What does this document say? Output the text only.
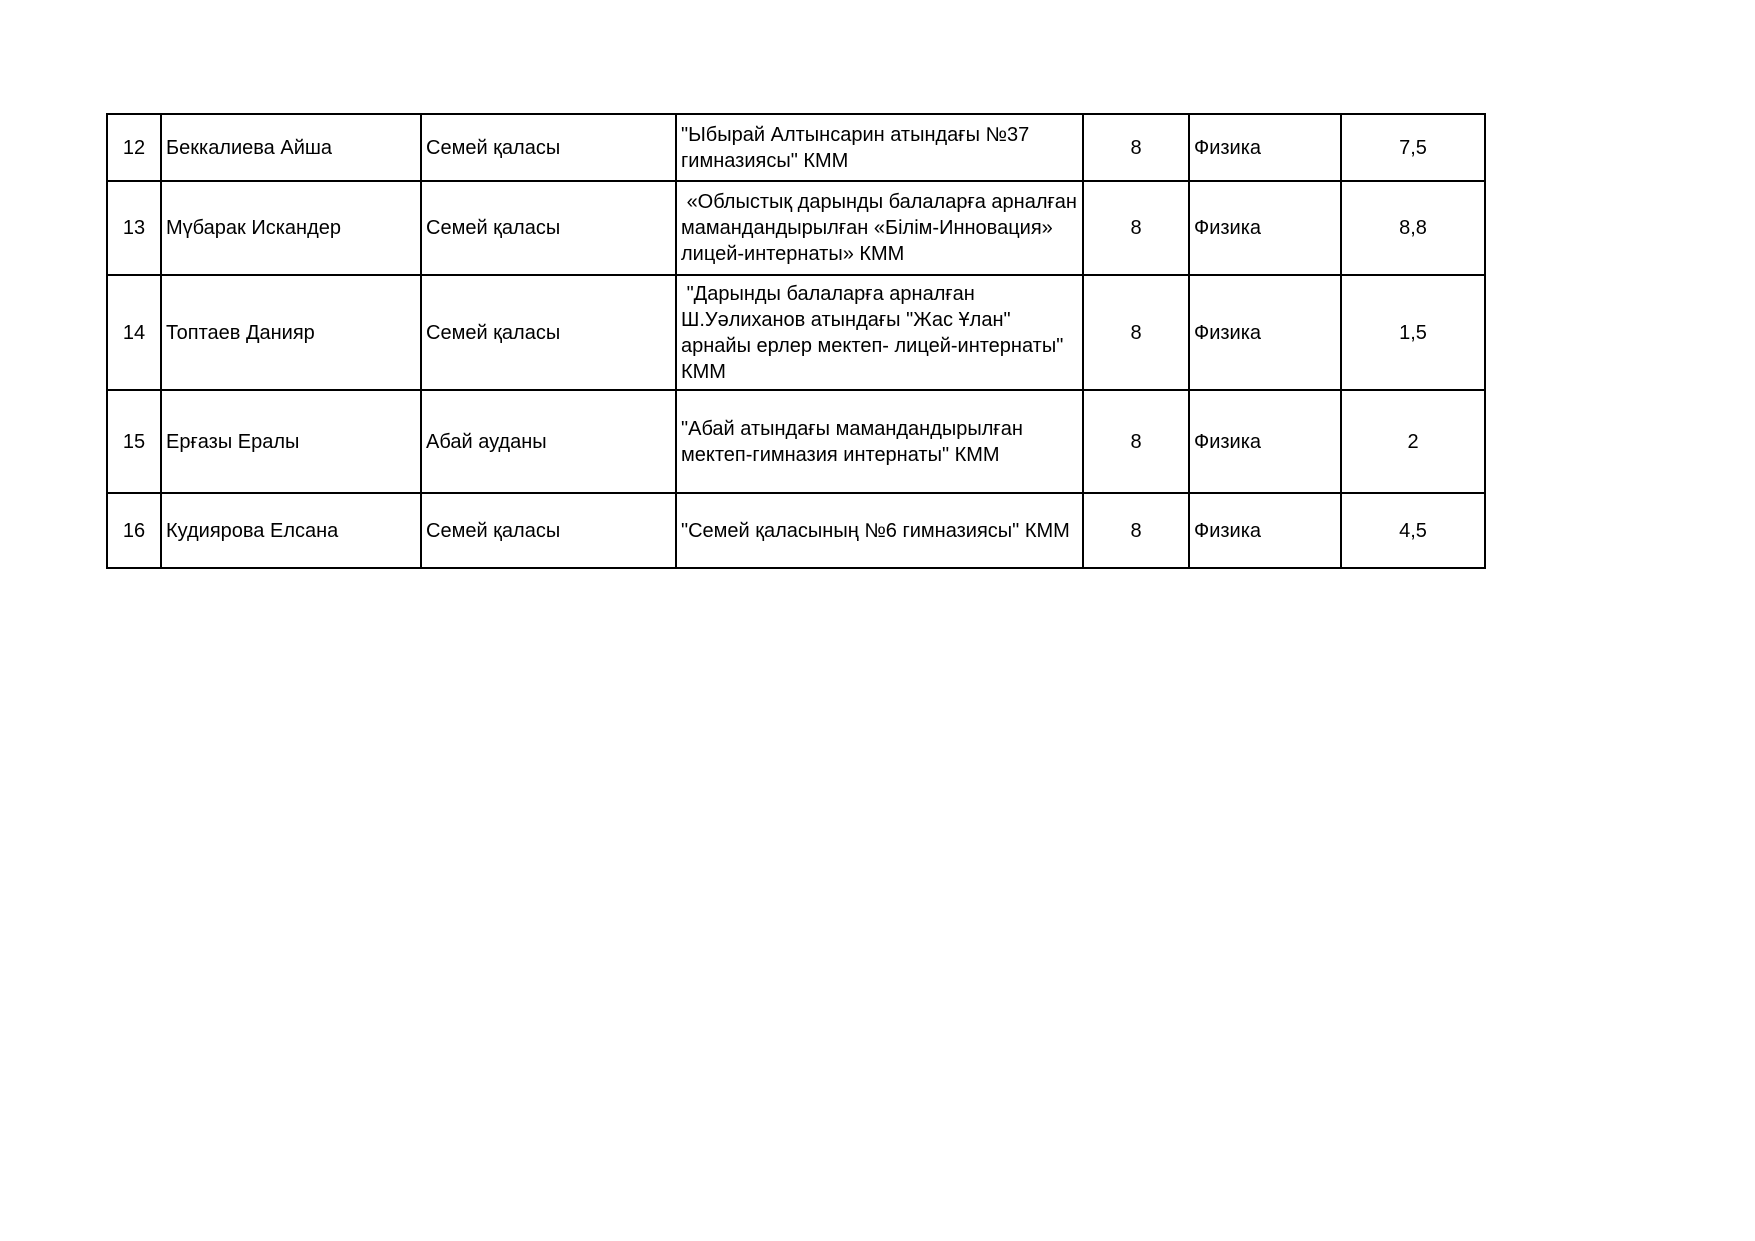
12	Беккалиева Айша	Семей қаласы	"Ыбырай Алтынсарин атындағы №37 гимназиясы" КММ	8	Физика	7,5
13	Мүбарак Искандер	Семей қаласы	«Облыстық дарынды балаларға арналған мамандандырылған «Білім-Инновация» лицей-интернаты» КММ	8	Физика	8,8
14	Топтаев Данияр	Семей қаласы	"Дарынды балаларға арналған Ш.Уәлиханов атындағы "Жас Ұлан" арнайы ерлер мектеп- лицей-интернаты" КММ	8	Физика	1,5
15	Ерғазы Ералы	Абай ауданы	"Абай атындағы мамандандырылған мектеп-гимназия интернаты" КММ	8	Физика	2
16	Кудиярова Елсана	Семей қаласы	"Семей қаласының №6 гимназиясы" КММ	8	Физика	4,5
